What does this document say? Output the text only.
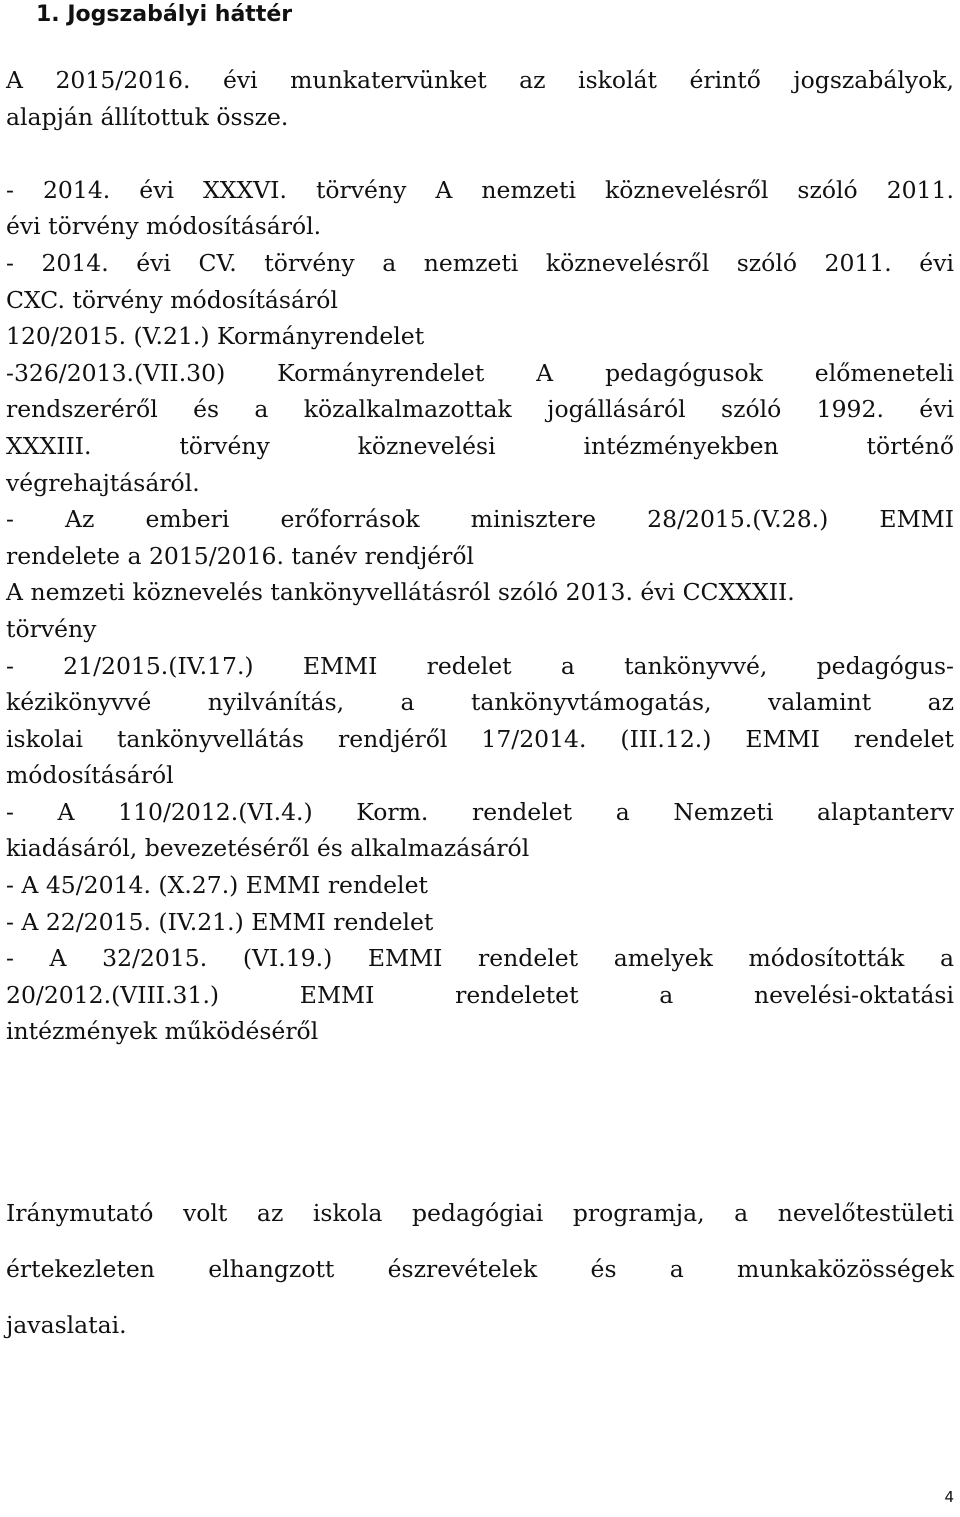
1. Jogszabályi háttér
A 2015/2016. évi munkatervünket az iskolát érintő jogszabályok,
alapján állítottuk össze.
- 2014. évi XXXVI. törvény A nemzeti köznevelésről szóló 2011.
évi törvény módosításáról.
- 2014. évi CV. törvény a nemzeti köznevelésről szóló 2011. évi
CXC. törvény módosításáról
120/2015. (V.21.) Kormányrendelet
-326/2013.(VII.30) Kormányrendelet A pedagógusok előmeneteli
rendszeréről és a közalkalmazottak jogállásáról szóló 1992. évi
XXXIII. törvény köznevelési intézményekben történő
végrehajtásáról.
- Az emberi erőforrások minisztere 28/2015.(V.28.) EMMI
rendelete a 2015/2016. tanév rendjéről
A nemzeti köznevelés tankönyvellátásról szóló 2013. évi CCXXXII.
törvény
- 21/2015.(IV.17.) EMMI redelet a tankönyvvé, pedagógus-
kézikönyvvé nyilvánítás, a tankönyvtámogatás, valamint az
iskolai tankönyvellátás rendjéről 17/2014. (III.12.) EMMI rendelet
módosításáról
- A 110/2012.(VI.4.) Korm. rendelet a Nemzeti alaptanterv
kiadásáról, bevezetéséről és alkalmazásáról
- A 45/2014. (X.27.) EMMI rendelet
- A 22/2015. (IV.21.) EMMI rendelet
- A 32/2015. (VI.19.) EMMI rendelet amelyek módosították a
20/2012.(VIII.31.) EMMI rendeletet a nevelési-oktatási
intézmények működéséről
Iránymutató volt az iskola pedagógiai programja, a nevelőtestületi
értekezleten elhangzott észrevételek és a munkaközösségek
javaslatai.
4
